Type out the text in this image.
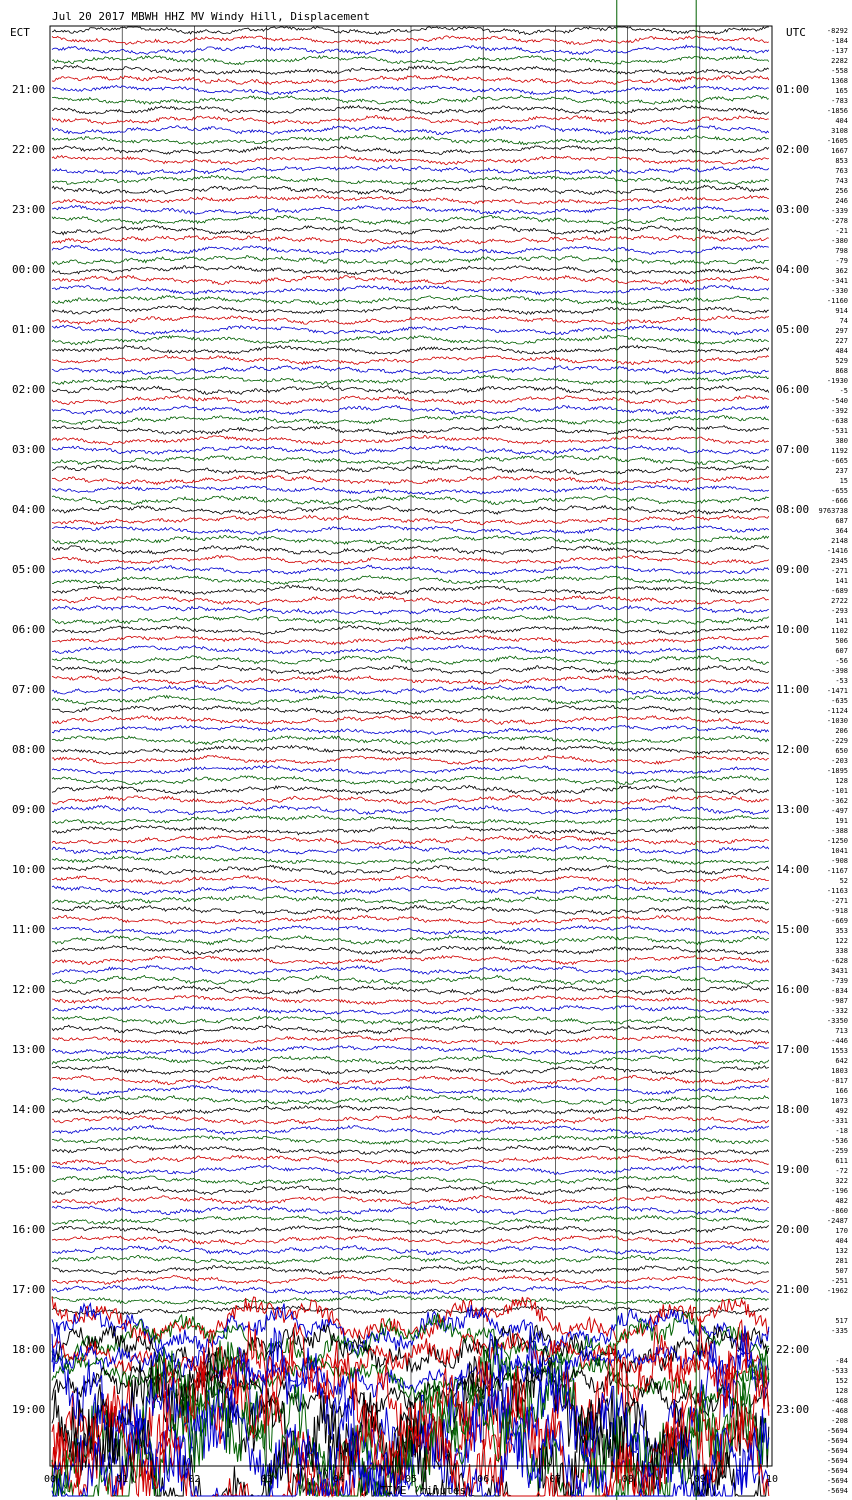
Jul 20 2017 MBWH HHZ MV Windy Hill, Displacement
ECT	UTC
21:00
22:00
23:00
00:00
01:00
02:00
03:00
04:00
05:00
06:00
07:00
08:00
09:00
10:00
11:00
12:00
13:00
14:00
15:00
16:00
17:00
18:00
19:00
01:00
02:00
03:00
04:00
05:00
06:00
07:00
08:00
09:00
10:00
11:00
12:00
13:00
14:00
15:00
16:00
17:00
18:00
19:00
20:00
21:00
22:00
23:00
-8292
-184
-137
2282
-558
1368
165
-783
-1856
404
3108
-1605
1667
853
763
743
256
246
-339
-278
-21
-380
798
-79
362
-341
-330
-1160
914
74
297
227
484
529
868
-1930
-5
-540
-392
-638
-531
380
1192
-665
237
15
-655
-666
9763738
687
364
2148
-1416
2345
-271
141
-689
2722
-293
141
1102
506
607
-56
-398
-53
-1471
-635
-1124
-1030
206
-229
650
-203
-1895
128
-101
-362
-497
191
-388
-1250
1041
-908
-1167
52
-1163
-271
-918
-669
353
122
338
-628
3431
-739
-834
-987
-332
-3350
713
-446
1553
642
1803
-817
166
1073
492
-331
-18
-536
-259
611
-72
322
-196
482
-860
-2487
170
404
132
281
507
-251
-1962
517
-335
-84
-533
152
128
-468
-468
-208
-5694
-5694
-5694
-5694
-5694
-5694
-5694
00	01	02	03	04	05	06	07	08	09	10
TIME (minutes)
